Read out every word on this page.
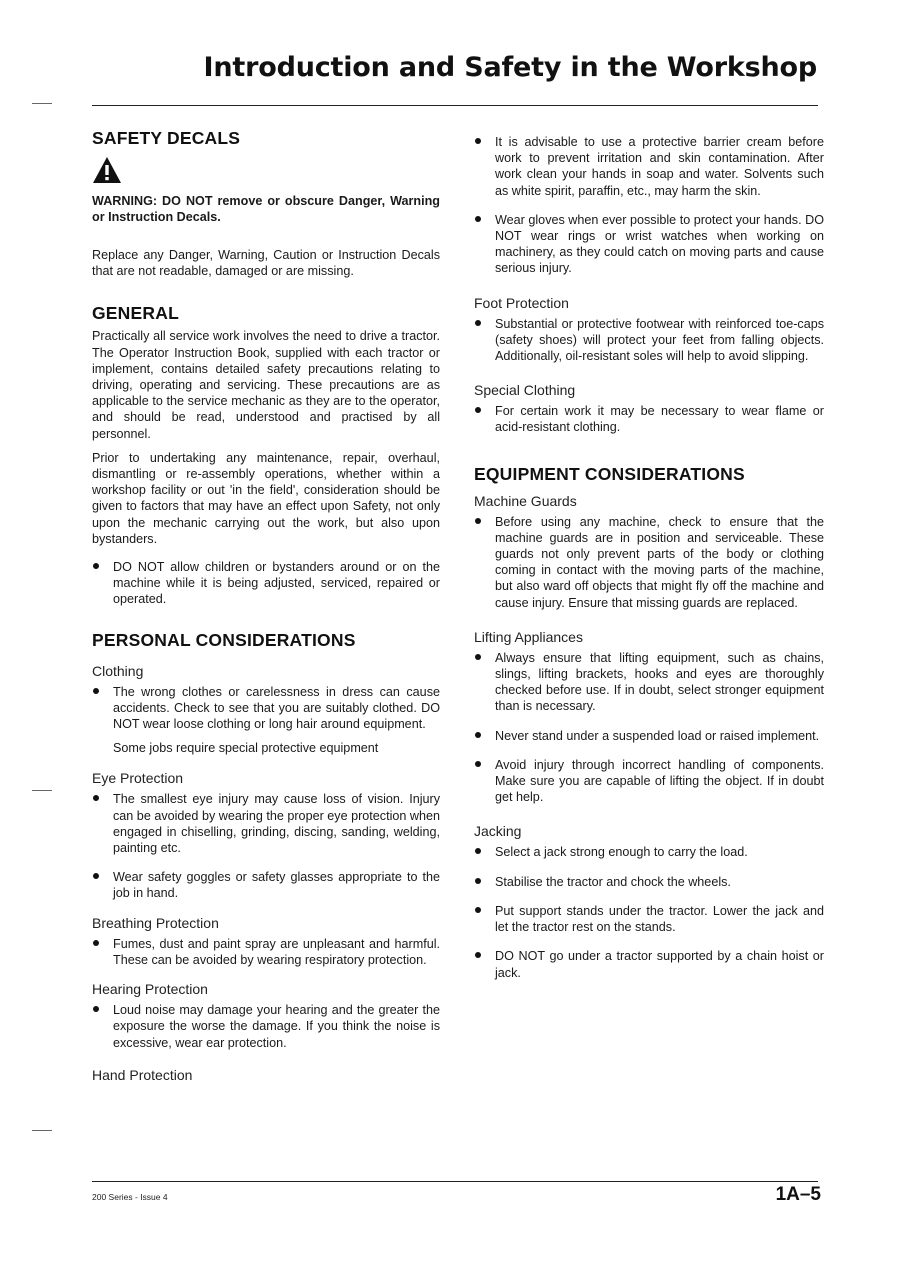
Introduction and Safety in the Workshop
SAFETY DECALS
WARNING: DO NOT remove or obscure Danger, Warning or Instruction Decals.

Replace any Danger, Warning, Caution or Instruction Decals that are not readable, damaged or are missing.

GENERAL

Practically all service work involves the need to drive a tractor. The Operator Instruction Book, supplied with each tractor or implement, contains detailed safety precautions relating to driving, operating and servicing. These precautions are as applicable to the service mechanic as they are to the operator, and should be read, understood and practised by all personnel.

Prior to undertaking any maintenance, repair, overhaul, dismantling or re-assembly operations, whether within a workshop facility or out 'in the field', consideration should be given to factors that may have an effect upon Safety, not only upon the mechanic carrying out the work, but also upon bystanders.

DO NOT allow children or bystanders around or on the machine while it is being adjusted, serviced, repaired or operated.
PERSONAL CONSIDERATIONS
Clothing
The wrong clothes or carelessness in dress can cause accidents. Check to see that you are suitably clothed. DO NOT wear loose clothing or long hair around equipment.
Some jobs require special protective equipment
Eye Protection
The smallest eye injury may cause loss of vision. Injury can be avoided by wearing the proper eye protection when engaged in chiselling, grinding, discing, sanding, welding, painting etc.
Wear safety goggles or safety glasses appropriate to the job in hand.
Breathing Protection
Fumes, dust and paint spray are unpleasant and harmful. These can be avoided by wearing respiratory protection.
Hearing Protection
Loud noise may damage your hearing and the greater the exposure the worse the damage. If you think the noise is excessive, wear ear protection.
Hand Protection
It is advisable to use a protective barrier cream before work to prevent irritation and skin contamination. After work clean your hands in soap and water. Solvents such as white spirit, paraffin, etc., may harm the skin.
Wear gloves when ever possible to protect your hands. DO NOT wear rings or wrist watches when working on machinery, as they could catch on moving parts and cause serious injury.
Foot Protection
Substantial or protective footwear with reinforced toe-caps (safety shoes) will protect your feet from falling objects. Additionally, oil-resistant soles will help to avoid slipping.
Special Clothing
For certain work it may be necessary to wear flame or acid-resistant clothing.
EQUIPMENT CONSIDERATIONS
Machine Guards
Before using any machine, check to ensure that the machine guards are in position and serviceable. These guards not only prevent parts of the body or clothing coming in contact with the moving parts of the machine, but also ward off objects that might fly off the machine and cause injury. Ensure that missing guards are replaced.
Lifting Appliances
Always ensure that lifting equipment, such as chains, slings, lifting brackets, hooks and eyes are thoroughly checked before use. If in doubt, select stronger equipment than is necessary.
Never stand under a suspended load or raised implement.
Avoid injury through incorrect handling of components. Make sure you are capable of lifting the object. If in doubt get help.
Jacking
Select a jack strong enough to carry the load.
Stabilise the tractor and chock the wheels.
Put support stands under the tractor. Lower the jack and let the tractor rest on the stands.
DO NOT go under a tractor supported by a chain hoist or jack.
200 Series - Issue 4	1A–5
